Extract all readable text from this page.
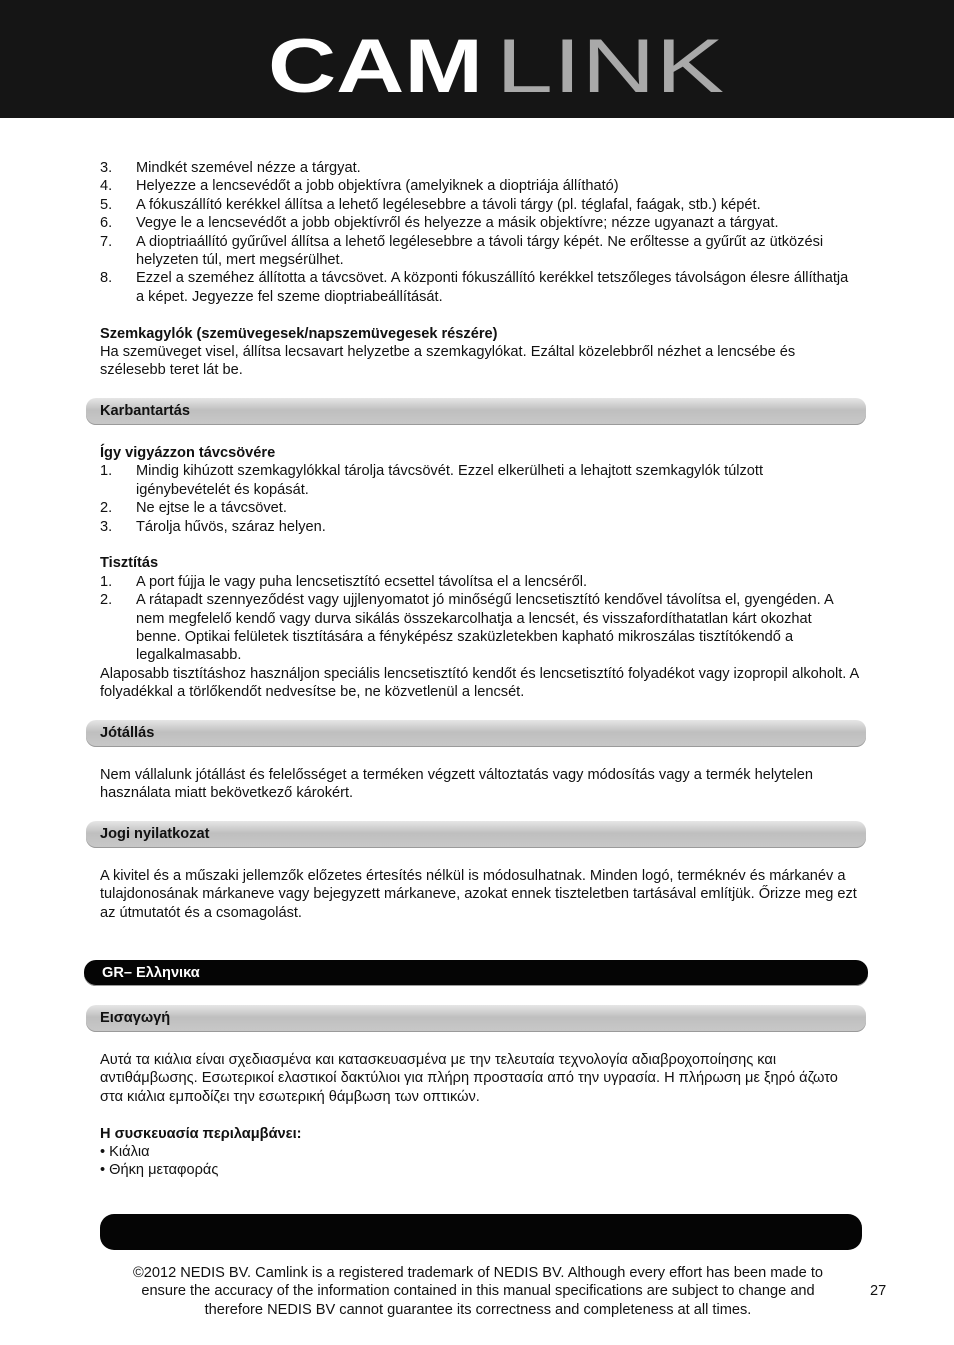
CAM LINK
3. Mindkét szemével nézze a tárgyat.
4. Helyezze a lencsevédőt a jobb objektívra (amelyiknek a dioptriája állítható)
5. A fókuszállító kerékkel állítsa a lehető legélesebbre a távoli tárgy (pl. téglafal, faágak, stb.) képét.
6. Vegye le a lencsevédőt a jobb objektívről és helyezze a másik objektívre; nézze ugyanazt a tárgyat.
7. A dioptriaállító gyűrűvel állítsa a lehető legélesebbre a távoli tárgy képét. Ne erőltesse a gyűrűt az ütközési helyzeten túl, mert megsérülhet.
8. Ezzel a szeméhez állította a távcsövet. A központi fókuszállító kerékkel tetszőleges távolságon élesre állíthatja a képet. Jegyezze fel szeme dioptriabeállítását.
Szemkagylók (szemüvegesek/napszemüvegesek részére)
Ha szemüveget visel, állítsa lecsavart helyzetbe a szemkagylókat. Ezáltal közelebbről nézhet a lencsébe és szélesebb teret lát be.
Karbantartás
Így vigyázzon távcsövére
1. Mindig kihúzott szemkagylókkal tárolja távcsövét. Ezzel elkerülheti a lehajtott szemkagylók túlzott igénybevételét és kopását.
2. Ne ejtse le a távcsövet.
3. Tárolja hűvös, száraz helyen.
Tisztítás
1. A port fújja le vagy puha lencsetisztító ecsettel távolítsa el a lencséről.
2. A rátapadt szennyeződést vagy ujjlenyomatot jó minőségű lencsetisztító kendővel távolítsa el, gyengéden. A nem megfelelő kendő vagy durva sikálás összekarcolhatja a lencsét, és visszafordíthatatlan kárt okozhat benne. Optikai felületek tisztítására a fényképész szaküzletekben kapható mikroszálas tisztítókendő a legalkalmasabb.
Alaposabb tisztításhoz használjon speciális lencsetisztító kendőt és lencsetisztító folyadékot vagy izopropil alkoholt. A folyadékkal a törlőkendőt nedvesítse be, ne közvetlenül a lencsét.
Jótállás
Nem vállalunk jótállást és felelősséget a terméken végzett változtatás vagy módosítás vagy a termék helytelen használata miatt bekövetkező károkért.
Jogi nyilatkozat
A kivitel és a műszaki jellemzők előzetes értesítés nélkül is módosulhatnak. Minden logó, terméknév és márkanév a tulajdonosának márkaneve vagy bejegyzett márkaneve, azokat ennek tiszteletben tartásával említjük. Őrizze meg ezt az útmutatót és a csomagolást.
GR– Ελληνικα
Εισαγωγή
Αυτά τα κιάλια είναι σχεδιασμένα και κατασκευασμένα με την τελευταία τεχνολογία αδιαβροχοποίησης και αντιθάμβωσης. Εσωτερικοί ελαστικοί δακτύλιοι για πλήρη προστασία από την υγρασία. Η πλήρωση με ξηρό άζωτο στα κιάλια εμποδίζει την εσωτερική θάμβωση των οπτικών.
Η συσκευασία περιλαμβάνει:
• Κιάλια
• Θήκη μεταφοράς
©2012 NEDIS BV. Camlink is a registered trademark of NEDIS BV. Although every effort has been made to ensure the accuracy of the information contained in this manual specifications are subject to change and therefore NEDIS BV cannot guarantee its correctness and completeness at all times.
27
